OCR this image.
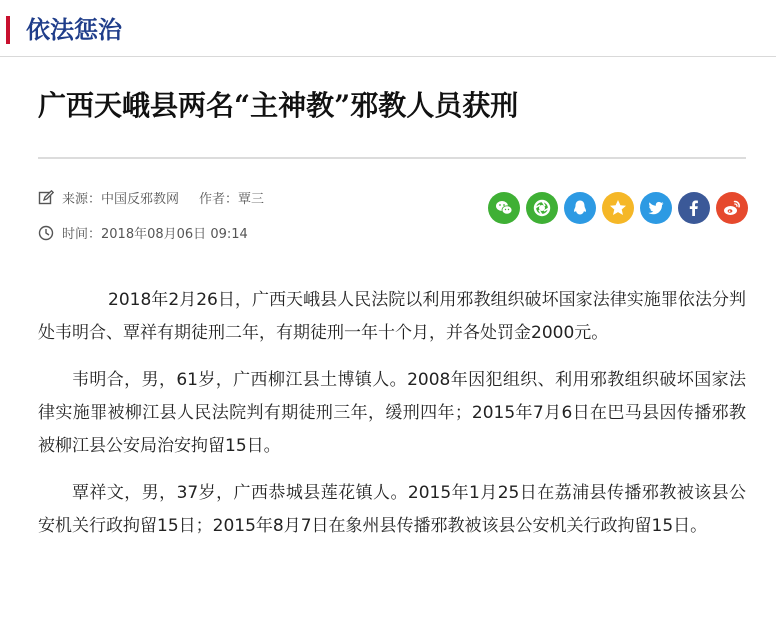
依法惩治
广西天峨县两名“主神教”邪教人员获刑
来源：中国反邪教网 作者：覃三
时间：2018年08月06日 09:14

2018年2月26日，广西天峨县人民法院以利用邪教组织破坏国家法律实施罪依法分判处韦明合、覃祥有期徒刑二年，有期徒刑一年十个月，并各处罚金2000元。

韦明合，男，61岁，广西柳江县土博镇人。2008年因犯组织、利用邪教组织破坏国家法律实施罪被柳江县人民法院判有期徒刑三年，缓刑四年；2015年7月6日在巴马县因传播邪教被柳江县公安局治安拘留15日。

覃祥文，男，37岁，广西恭城县莲花镇人。2015年1月25日在荔浦县传播邪教被该县公安机关行政拘留15日；2015年8月7日在象州县传播邪教被该县公安机关行政拘留15日。
